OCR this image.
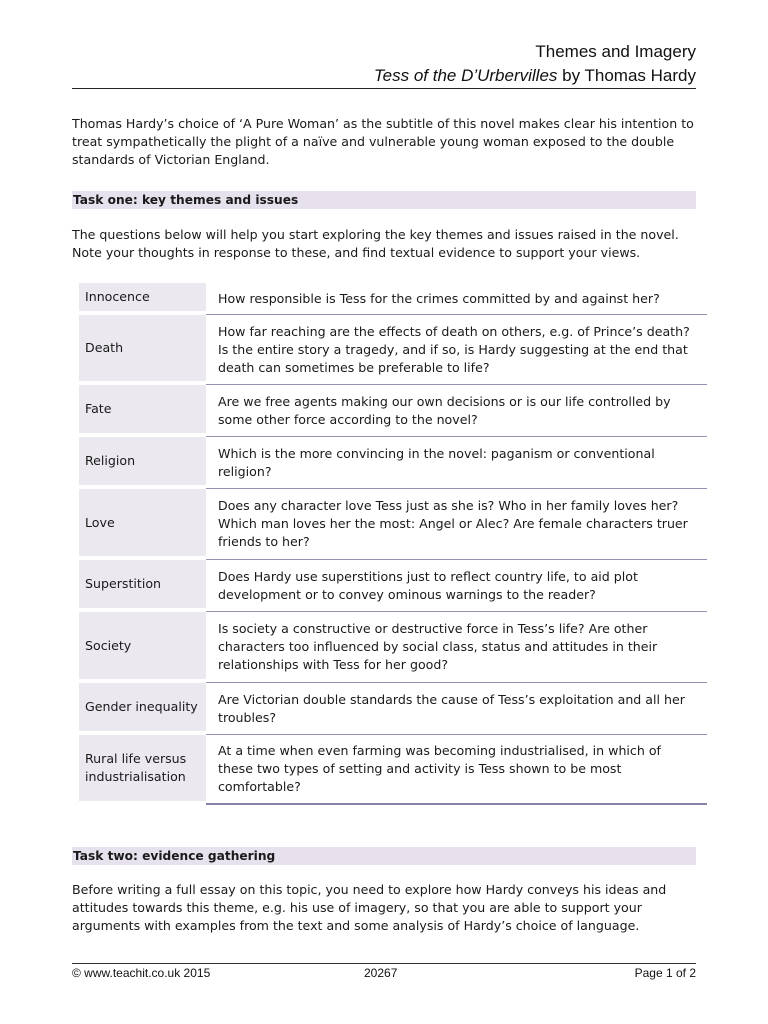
Themes and Imagery
Tess of the D’Urbervilles by Thomas Hardy
Thomas Hardy’s choice of ‘A Pure Woman’ as the subtitle of this novel makes clear his intention to treat sympathetically the plight of a naïve and vulnerable young woman exposed to the double standards of Victorian England.
Task one: key themes and issues
The questions below will help you start exploring the key themes and issues raised in the novel. Note your thoughts in response to these, and find textual evidence to support your views.
Innocence	How responsible is Tess for the crimes committed by and against her?
Death	How far reaching are the effects of death on others, e.g. of Prince’s death? Is the entire story a tragedy, and if so, is Hardy suggesting at the end that death can sometimes be preferable to life?
Fate	Are we free agents making our own decisions or is our life controlled by some other force according to the novel?
Religion	Which is the more convincing in the novel: paganism or conventional religion?
Love	Does any character love Tess just as she is? Who in her family loves her? Which man loves her the most: Angel or Alec? Are female characters truer friends to her?
Superstition	Does Hardy use superstitions just to reflect country life, to aid plot development or to convey ominous warnings to the reader?
Society	Is society a constructive or destructive force in Tess’s life? Are other characters too influenced by social class, status and attitudes in their relationships with Tess for her good?
Gender inequality	Are Victorian double standards the cause of Tess’s exploitation and all her troubles?
Rural life versus industrialisation	At a time when even farming was becoming industrialised, in which of these two types of setting and activity is Tess shown to be most comfortable?
Task two: evidence gathering
Before writing a full essay on this topic, you need to explore how Hardy conveys his ideas and attitudes towards this theme, e.g. his use of imagery, so that you are able to support your arguments with examples from the text and some analysis of Hardy’s choice of language.
© www.teachit.co.uk 2015	20267	Page 1 of 2
